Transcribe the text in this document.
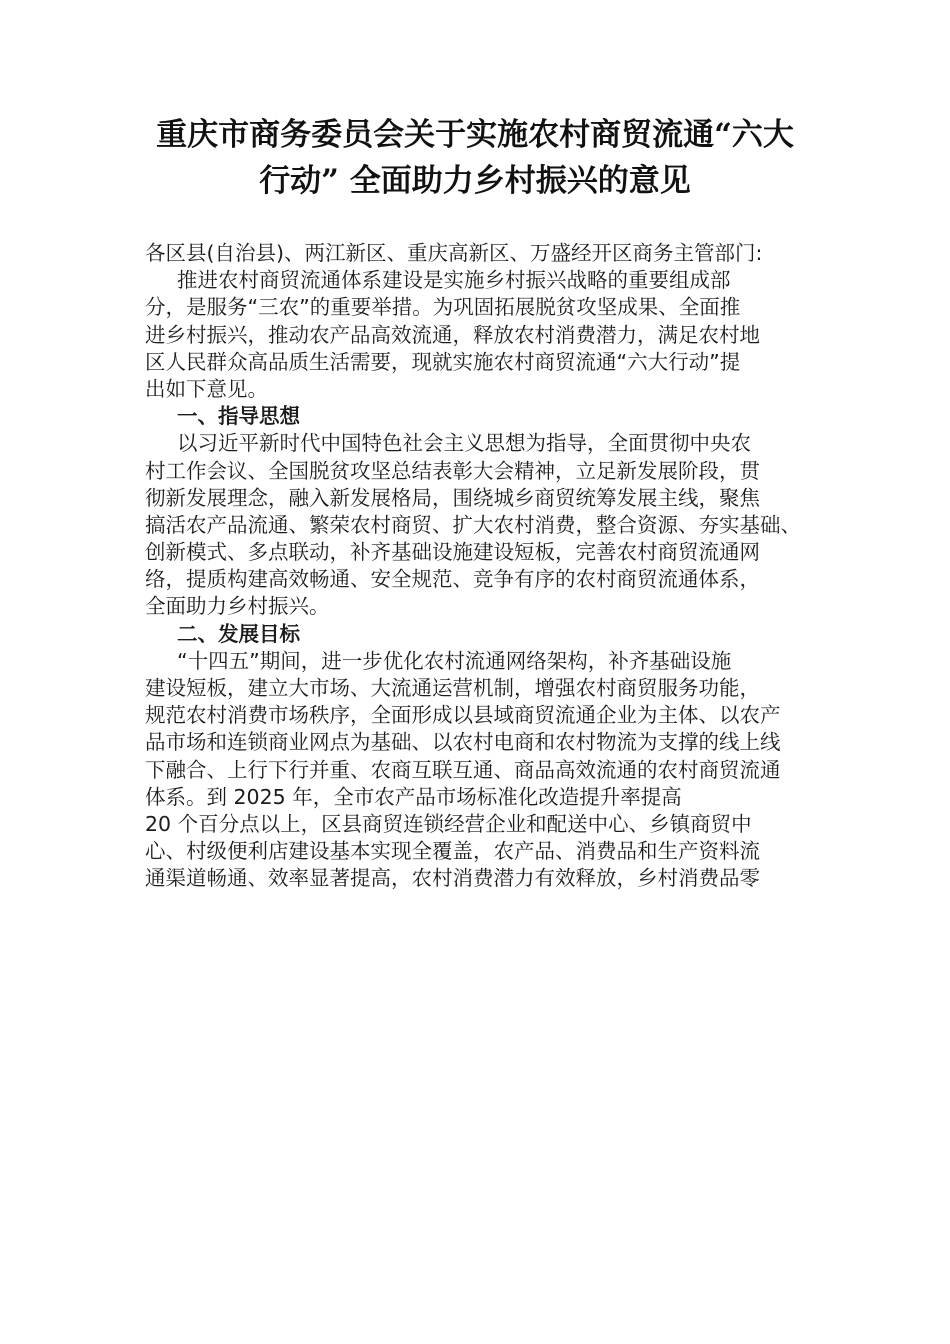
重庆市商务委员会关于实施农村商贸流通“六大
行动” 全面助力乡村振兴的意见
各区县(自治县)、两江新区、重庆高新区、万盛经开区商务主管部门:
推进农村商贸流通体系建设是实施乡村振兴战略的重要组成部
分，是服务“三农”的重要举措。为巩固拓展脱贫攻坚成果、全面推
进乡村振兴，推动农产品高效流通，释放农村消费潜力，满足农村地
区人民群众高品质生活需要，现就实施农村商贸流通“六大行动”提
出如下意见。
一、指导思想
以习近平新时代中国特色社会主义思想为指导，全面贯彻中央农
村工作会议、全国脱贫攻坚总结表彰大会精神，立足新发展阶段，贯
彻新发展理念，融入新发展格局，围绕城乡商贸统筹发展主线，聚焦
搞活农产品流通、繁荣农村商贸、扩大农村消费，整合资源、夯实基础、
创新模式、多点联动，补齐基础设施建设短板，完善农村商贸流通网
络，提质构建高效畅通、安全规范、竞争有序的农村商贸流通体系，
全面助力乡村振兴。
二、发展目标
“十四五”期间，进一步优化农村流通网络架构，补齐基础设施
建设短板，建立大市场、大流通运营机制，增强农村商贸服务功能，
规范农村消费市场秩序，全面形成以县域商贸流通企业为主体、以农产
品市场和连锁商业网点为基础、以农村电商和农村物流为支撑的线上线
下融合、上行下行并重、农商互联互通、商品高效流通的农村商贸流通
体系。到 2025 年，全市农产品市场标准化改造提升率提高
20 个百分点以上，区县商贸连锁经营企业和配送中心、乡镇商贸中
心、村级便利店建设基本实现全覆盖，农产品、消费品和生产资料流
通渠道畅通、效率显著提高，农村消费潜力有效释放，乡村消费品零
